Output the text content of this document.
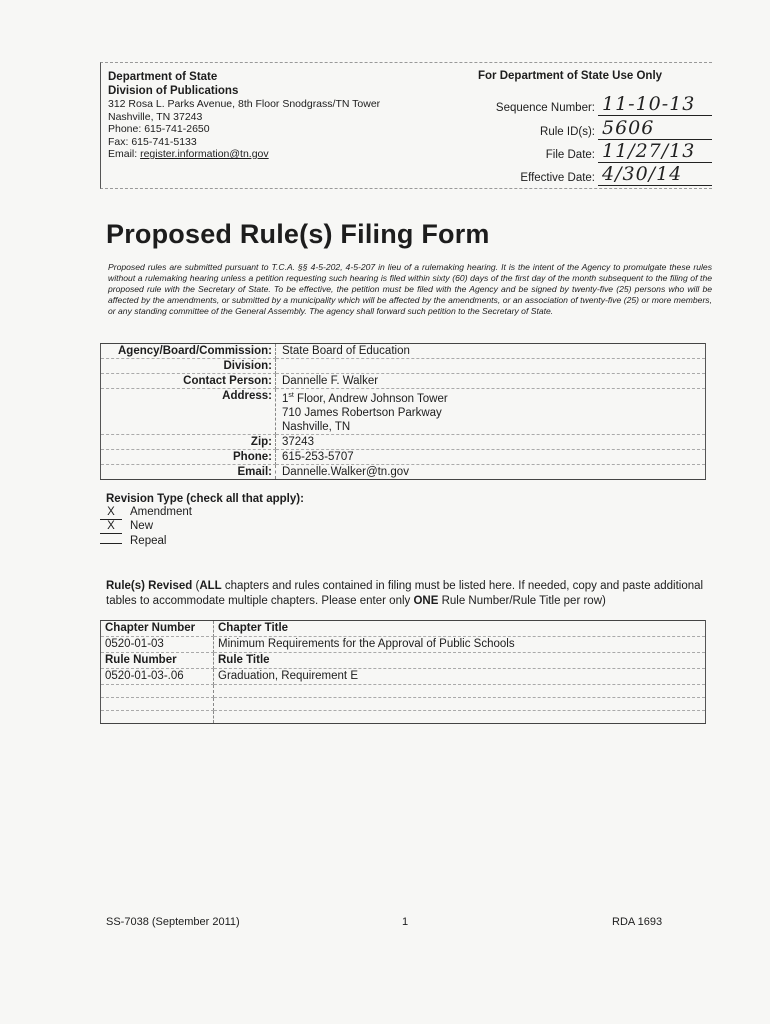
Department of State
Division of Publications
312 Rosa L. Parks Avenue, 8th Floor Snodgrass/TN Tower
Nashville, TN 37243
Phone: 615-741-2650
Fax: 615-741-5133
Email: register.information@tn.gov
For Department of State Use Only
Sequence Number: 11-10-13
Rule ID(s): 5606
File Date: 11/27/13
Effective Date: 4/30/14
Proposed Rule(s) Filing Form
Proposed rules are submitted pursuant to T.C.A. §§ 4-5-202, 4-5-207 in lieu of a rulemaking hearing. It is the intent of the Agency to promulgate these rules without a rulemaking hearing unless a petition requesting such hearing is filed within sixty (60) days of the first day of the month subsequent to the filing of the proposed rule with the Secretary of State. To be effective, the petition must be filed with the Agency and be signed by twenty-five (25) persons who will be affected by the amendments, or submitted by a municipality which will be affected by the amendments, or an association of twenty-five (25) or more members, or any standing committee of the General Assembly. The agency shall forward such petition to the Secretary of State.
Agency/Board/Commission:	State Board of Education
Division:	
Contact Person:	Dannelle F. Walker
Address:	1st Floor, Andrew Johnson Tower
710 James Robertson Parkway
Nashville, TN

Zip:	37243
Phone:	615-253-5707
Email:	Dannelle.Walker@tn.gov
Revision Type (check all that apply):
X Amendment
X New
Repeal
Rule(s) Revised (ALL chapters and rules contained in filing must be listed here. If needed, copy and paste additional tables to accommodate multiple chapters. Please enter only ONE Rule Number/Rule Title per row)
Chapter Number	Chapter Title
0520-01-03	Minimum Requirements for the Approval of Public Schools
Rule Number	Rule Title
0520-01-03-.06	Graduation, Requirement E

SS-7038 (September 2011)	1	RDA 1693
